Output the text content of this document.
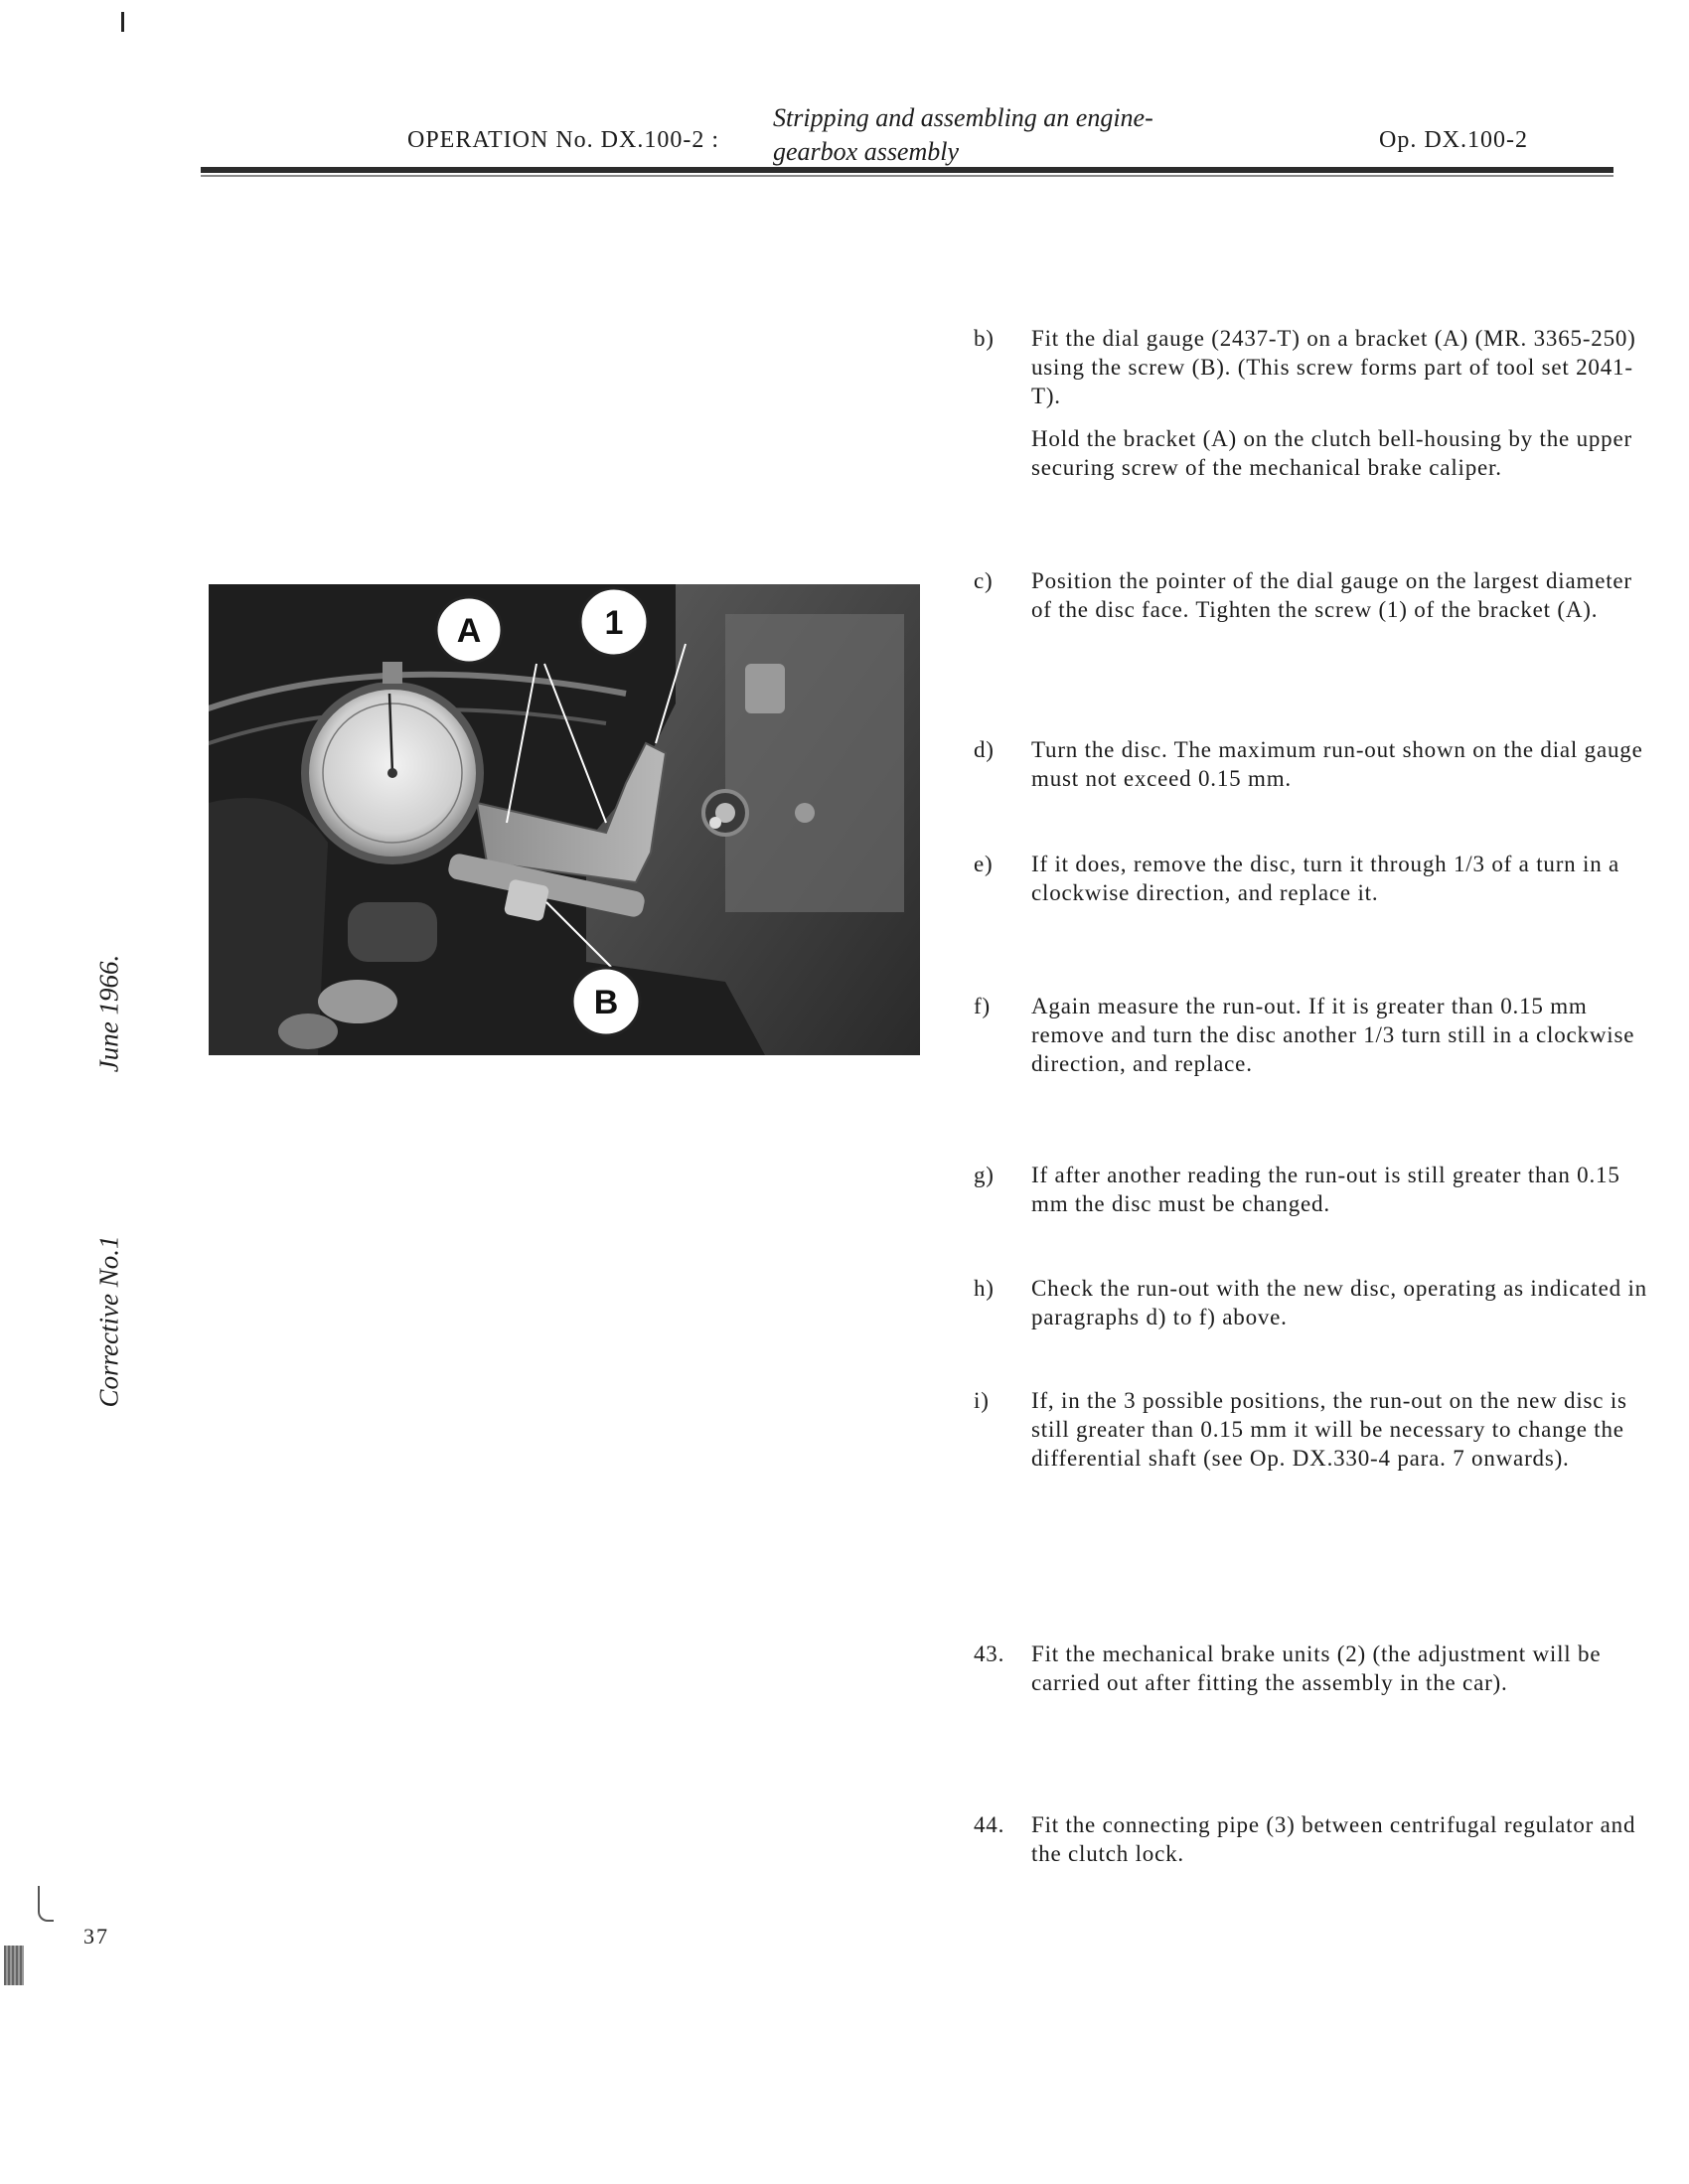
OPERATION No. DX.100-2 :
Stripping and assembling an engine-
gearbox assembly	Op. DX.100-2
June 1966.
Corrective No.1
37
A	1
B
b) Fit the dial gauge (2437-T) on a bracket (A) (MR. 3365-250) using the screw (B). (This screw forms part of tool set 2041-T).

Hold the bracket (A) on the clutch bell-housing by the upper securing screw of the mechanical brake caliper.

c) Position the pointer of the dial gauge on the largest diameter of the disc face. Tighten the screw (1) of the bracket (A).

d) Turn the disc. The maximum run-out shown on the dial gauge must not exceed 0.15 mm.

e) If it does, remove the disc, turn it through 1/3 of a turn in a clockwise direction, and replace it.

f) Again measure the run-out. If it is greater than 0.15 mm remove and turn the disc another 1/3 turn still in a clockwise direction, and replace.

g) If after another reading the run-out is still greater than 0.15 mm the disc must be changed.

h) Check the run-out with the new disc, operating as indicated in paragraphs d) to f) above.

i) If, in the 3 possible positions, the run-out on the new disc is still greater than 0.15 mm it will be necessary to change the differential shaft (see Op. DX.330-4 para. 7 onwards).

43. Fit the mechanical brake units (2) (the adjustment will be carried out after fitting the assembly in the car).

44. Fit the connecting pipe (3) between centrifugal regulator and the clutch lock.
